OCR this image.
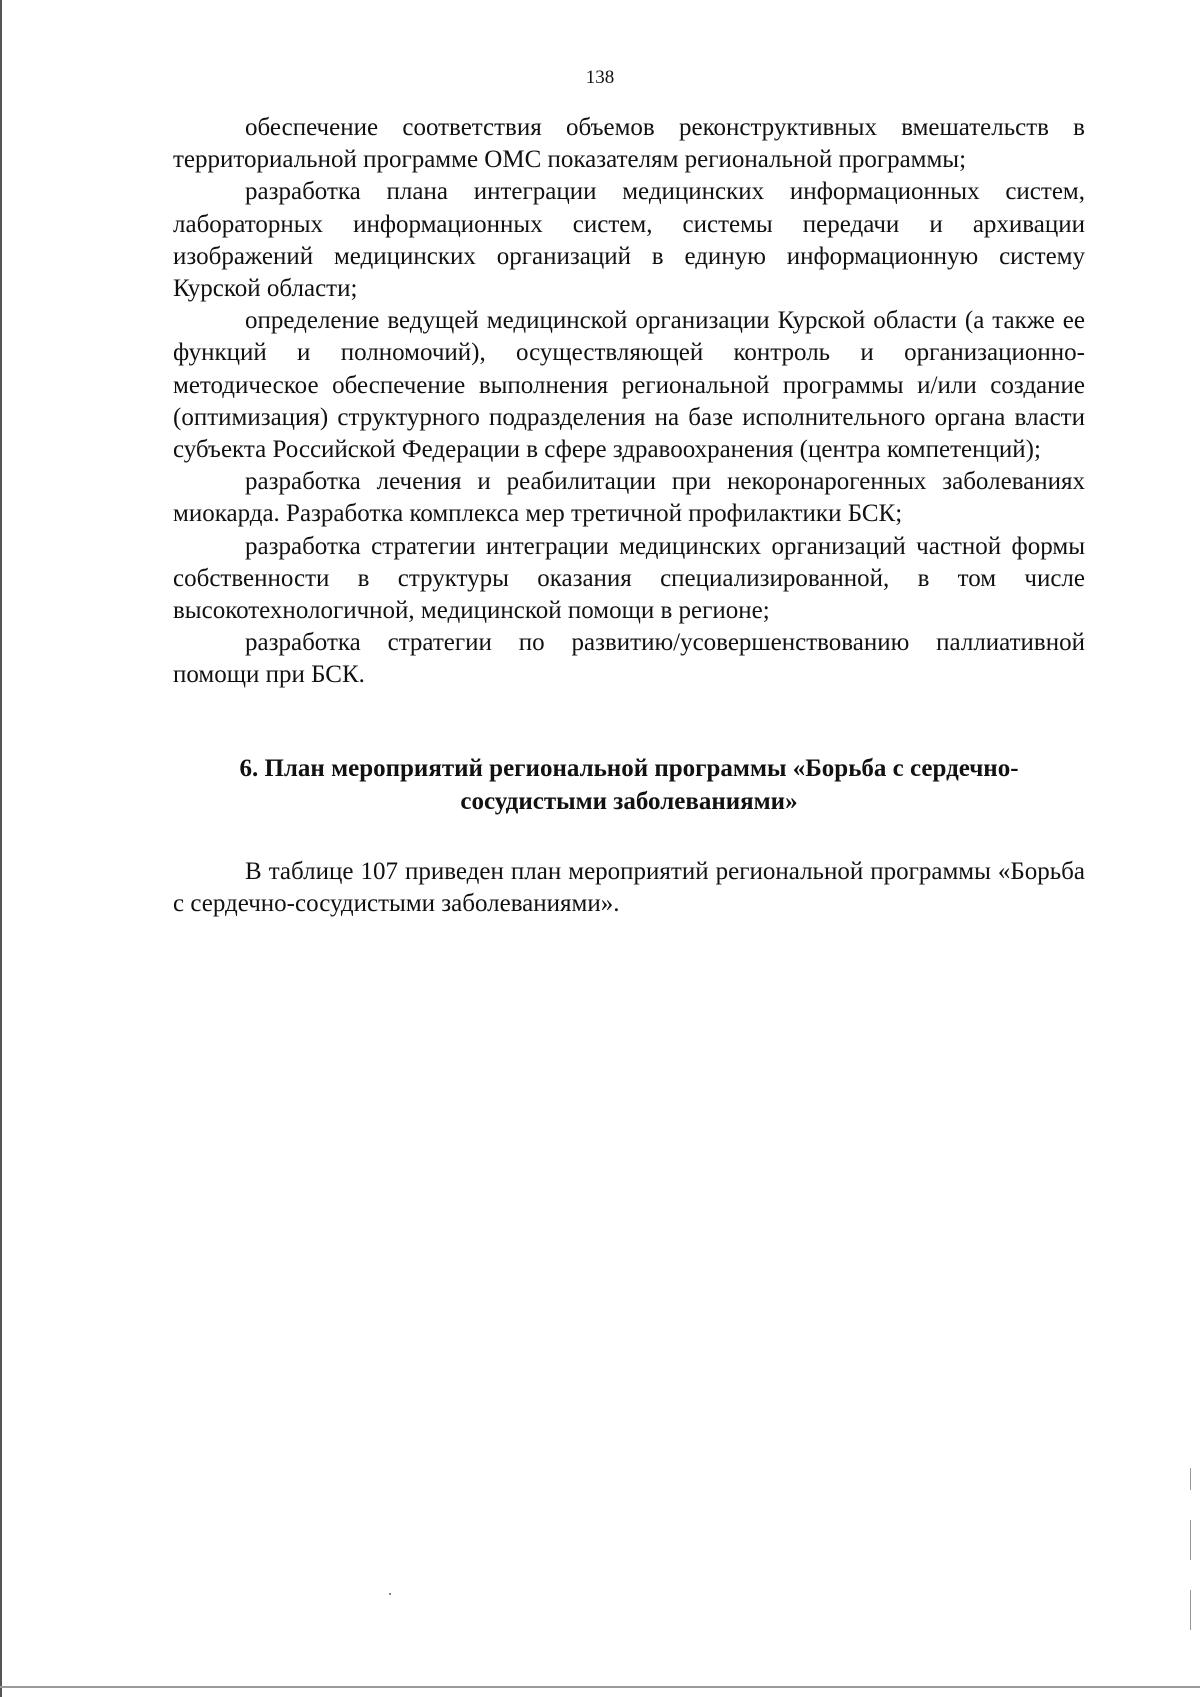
138

обеспечение соответствия объемов реконструктивных вмешательств в территориальной программе ОМС показателям региональной программы;

разработка плана интеграции медицинских информационных систем, лабораторных информационных систем, системы передачи и архивации изображений медицинских организаций в единую информационную систему Курской области;

определение ведущей медицинской организации Курской области (а также ее функций и полномочий), осуществляющей контроль и организационно-методическое обеспечение выполнения региональной программы и/или создание (оптимизация) структурного подразделения на базе исполнительного органа власти субъекта Российской Федерации в сфере здравоохранения (центра компетенций);

разработка лечения и реабилитации при некоронарогенных заболеваниях миокарда. Разработка комплекса мер третичной профилактики БСК;

разработка стратегии интеграции медицинских организаций частной формы собственности в структуры оказания специализированной, в том числе высокотехнологичной, медицинской помощи в регионе;

разработка стратегии по развитию/усовершенствованию паллиативной помощи при БСК.

6. План мероприятий региональной программы «Борьба с сердечно-
сосудистыми заболеваниями»

В таблице 107 приведен план мероприятий региональной программы «Борьба с сердечно-сосудистыми заболеваниями».
